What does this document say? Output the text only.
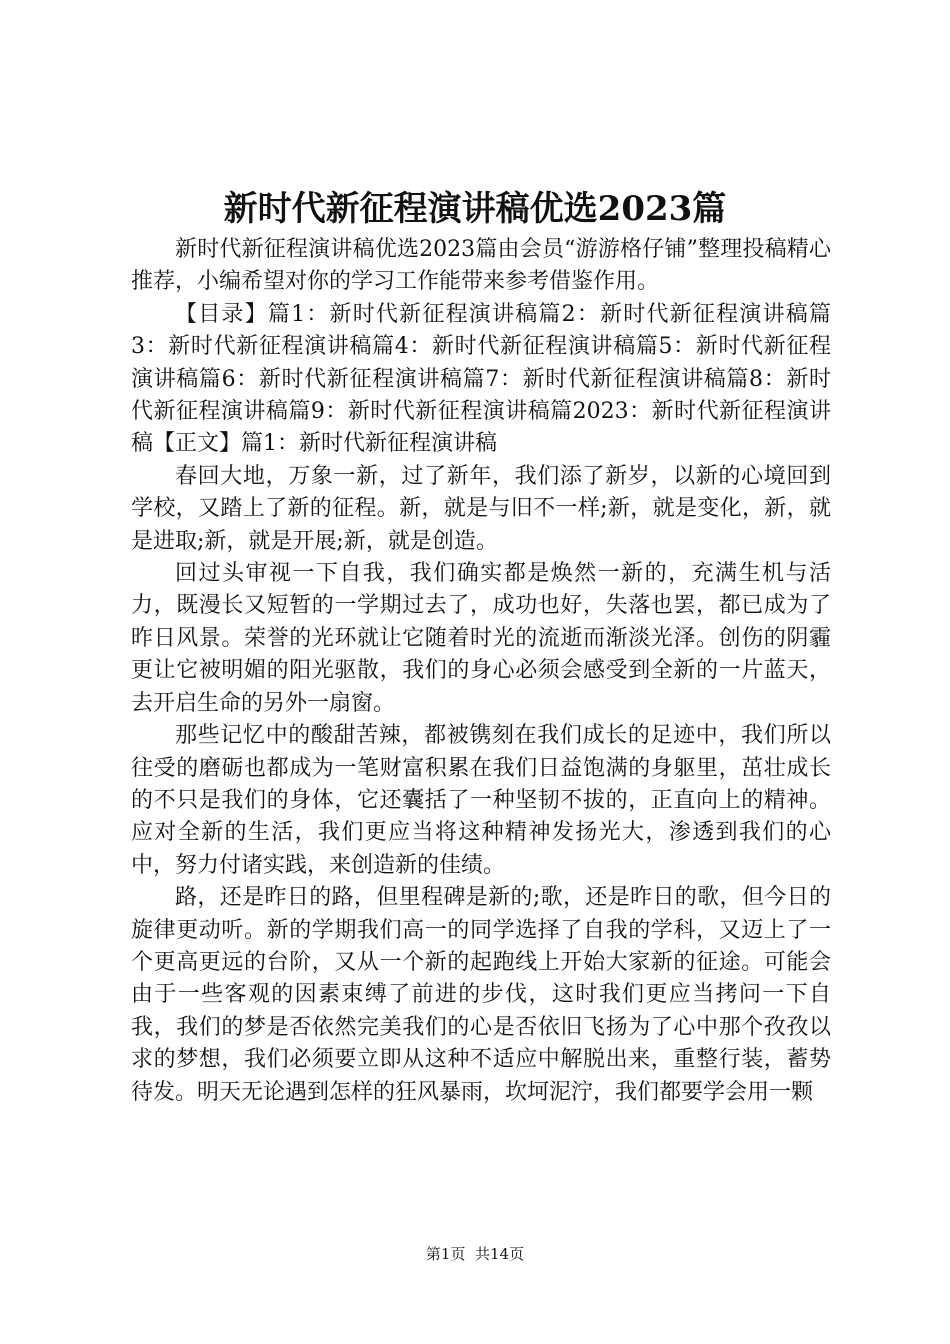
新时代新征程演讲稿优选2023篇

新时代新征程演讲稿优选2023篇由会员“游游格仔铺”整理投稿精心推荐，小编希望对你的学习工作能带来参考借鉴作用。

【目录】篇1：新时代新征程演讲稿篇2：新时代新征程演讲稿篇3：新时代新征程演讲稿篇4：新时代新征程演讲稿篇5：新时代新征程演讲稿篇6：新时代新征程演讲稿篇7：新时代新征程演讲稿篇8：新时代新征程演讲稿篇9：新时代新征程演讲稿篇2023：新时代新征程演讲稿【正文】篇1：新时代新征程演讲稿

春回大地，万象一新，过了新年，我们添了新岁，以新的心境回到学校，又踏上了新的征程。新，就是与旧不一样;新，就是变化，新，就是进取;新，就是开展;新，就是创造。

回过头审视一下自我，我们确实都是焕然一新的，充满生机与活力，既漫长又短暂的一学期过去了，成功也好，失落也罢，都已成为了昨日风景。荣誉的光环就让它随着时光的流逝而渐淡光泽。创伤的阴霾更让它被明媚的阳光驱散，我们的身心必须会感受到全新的一片蓝天，去开启生命的另外一扇窗。

那些记忆中的酸甜苦辣，都被镌刻在我们成长的足迹中，我们所以往受的磨砺也都成为一笔财富积累在我们日益饱满的身躯里，茁壮成长的不只是我们的身体，它还囊括了一种坚韧不拔的，正直向上的精神。应对全新的生活，我们更应当将这种精神发扬光大，渗透到我们的心中，努力付诸实践，来创造新的佳绩。

路，还是昨日的路，但里程碑是新的;歌，还是昨日的歌，但今日的旋律更动听。新的学期我们高一的同学选择了自我的学科，又迈上了一个更高更远的台阶，又从一个新的起跑线上开始大家新的征途。可能会由于一些客观的因素束缚了前进的步伐，这时我们更应当拷问一下自我，我们的梦是否依然完美我们的心是否依旧飞扬为了心中那个孜孜以求的梦想，我们必须要立即从这种不适应中解脱出来，重整行装，蓄势待发。明天无论遇到怎样的狂风暴雨，坎坷泥泞，我们都要学会用一颗

第1页  共14页
